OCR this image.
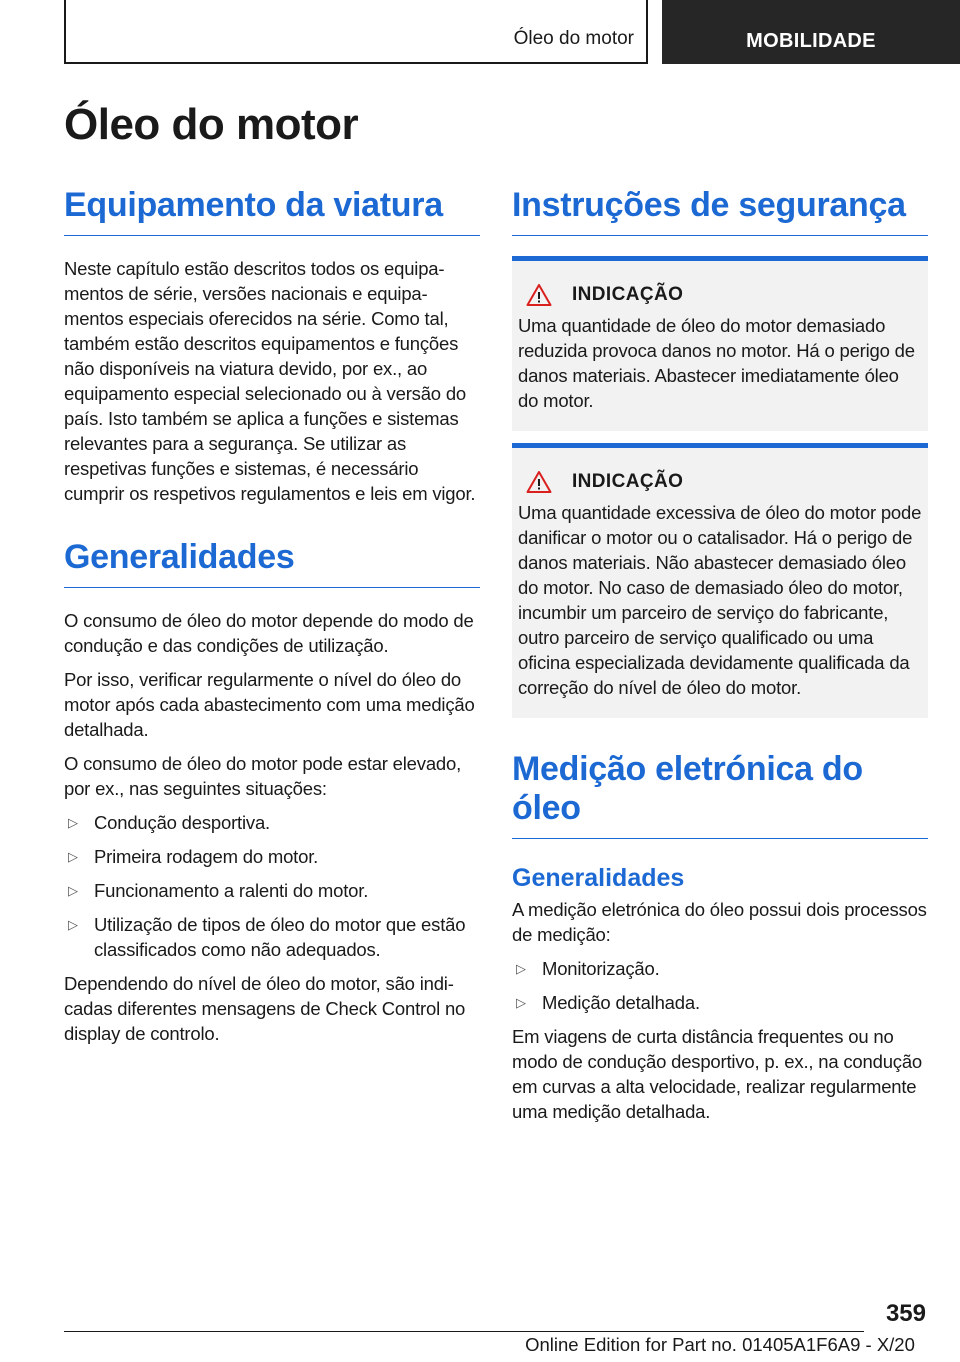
Óleo do motor	MOBILIDADE
Óleo do motor
Equipamento da viatura

Neste capítulo estão descritos todos os equipamentos de série, versões nacionais e equipamentos especiais oferecidos na série. Como tal, também estão descritos equipamentos e funções não disponíveis na viatura devido, por ex., ao equipamento especial selecionado ou à versão do país. Isto também se aplica a funções e sistemas relevantes para a segurança. Se utilizar as respetivas funções e sistemas, é necessário cumprir os respetivos regulamentos e leis em vigor.

Generalidades

O consumo de óleo do motor depende do modo de condução e das condições de utilização.

Por isso, verificar regularmente o nível do óleo do motor após cada abastecimento com uma medição detalhada.

O consumo de óleo do motor pode estar elevado, por ex., nas seguintes situações:

▷ Condução desportiva.
▷ Primeira rodagem do motor.
▷ Funcionamento a ralenti do motor.
▷ Utilização de tipos de óleo do motor que estão classificados como não adequados.

Dependendo do nível de óleo do motor, são indicadas diferentes mensagens de Check Control no display de controlo.

Instruções de segurança
INDICAÇÃO

Uma quantidade de óleo do motor demasiado reduzida provoca danos no motor. Há o perigo de danos materiais. Abastecer imediatamente óleo do motor.

INDICAÇÃO

Uma quantidade excessiva de óleo do motor pode danificar o motor ou o catalisador. Há o perigo de danos materiais. Não abastecer demasiado óleo do motor. No caso de demasiado óleo do motor, incumbir um parceiro de serviço do fabricante, outro parceiro de serviço qualificado ou uma oficina especializada devidamente qualificada da correção do nível de óleo do motor.

Medição eletrónica do óleo
Generalidades

A medição eletrónica do óleo possui dois processos de medição:

▷ Monitorização.
▷ Medição detalhada.

Em viagens de curta distância frequentes ou no modo de condução desportivo, p. ex., na condução em curvas a alta velocidade, realizar regularmente uma medição detalhada.

359
Online Edition for Part no. 01405A1F6A9 - X/20
